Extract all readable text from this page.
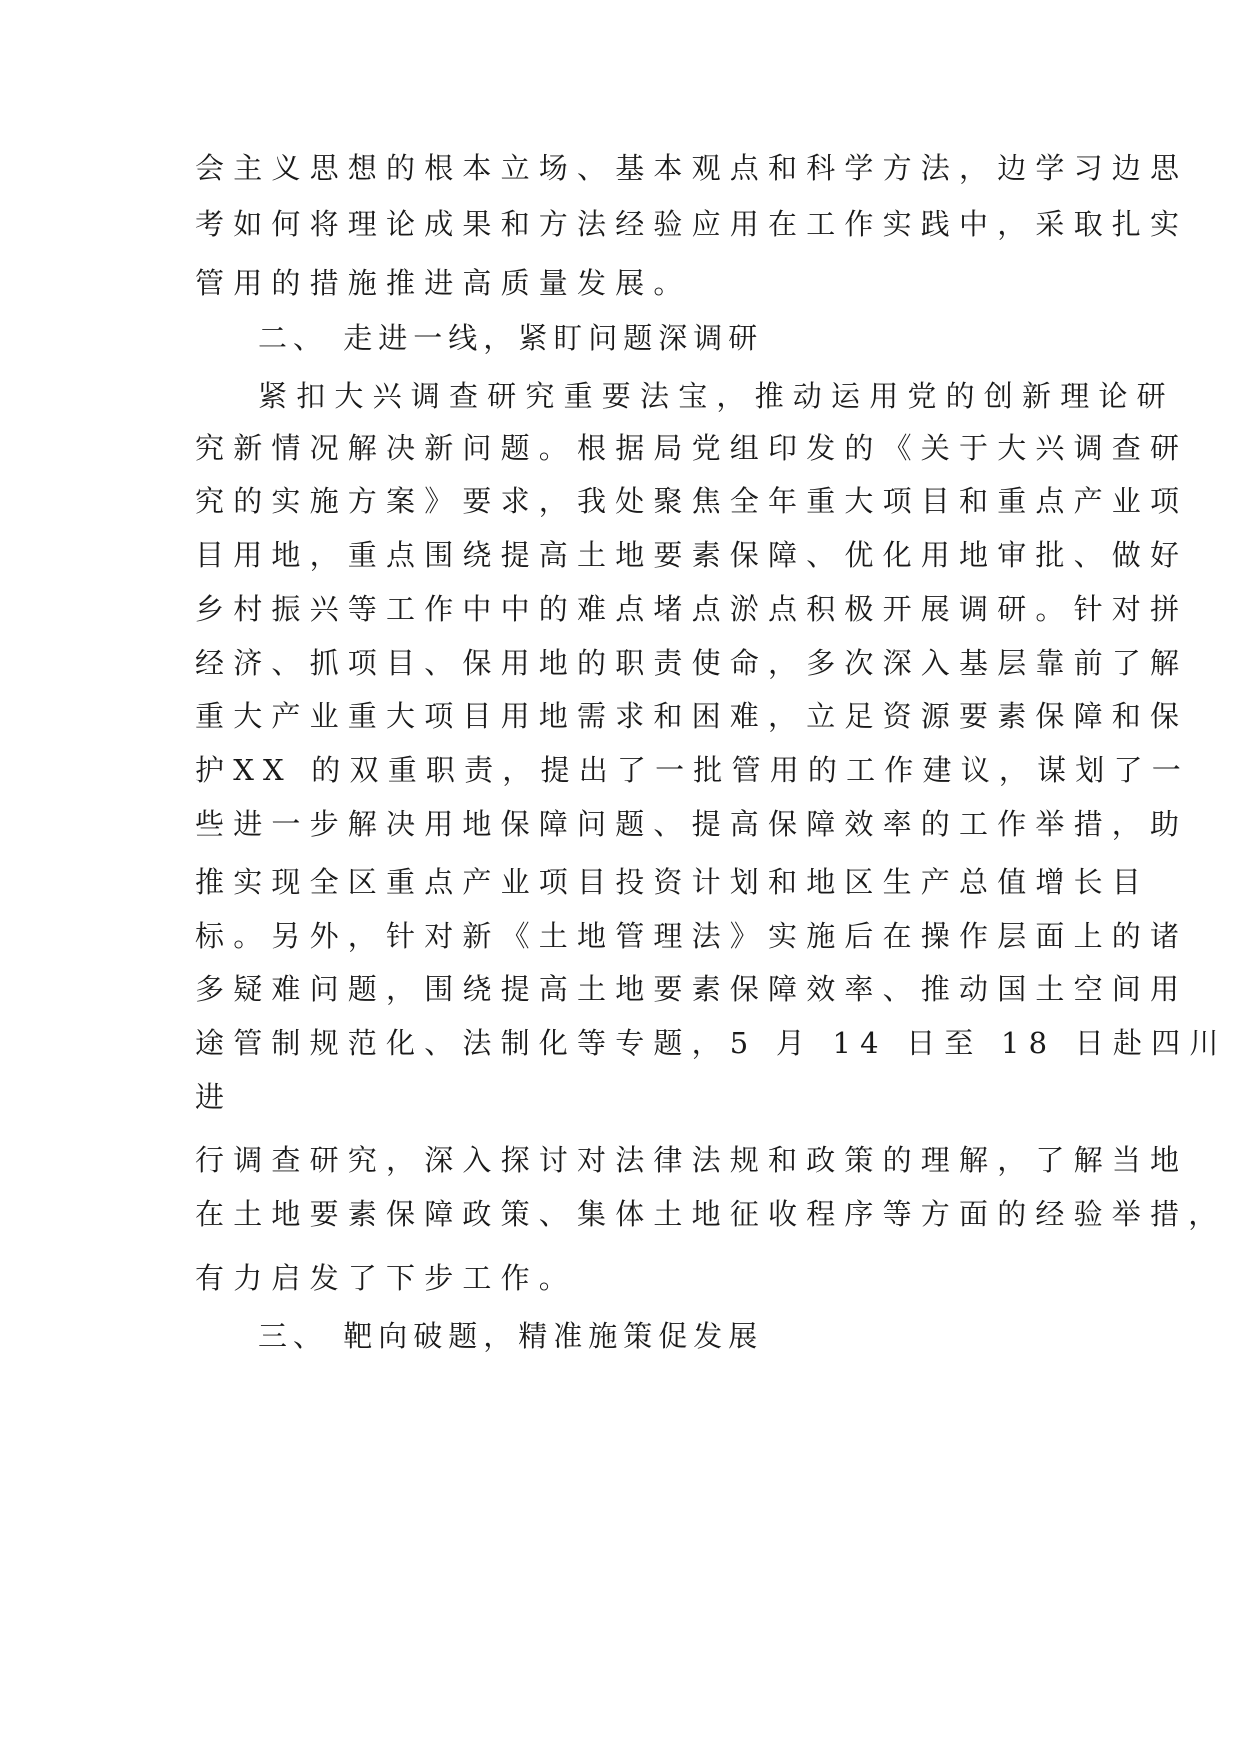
会主义思想的根本立场、基本观点和科学方法，边学习边思
考如何将理论成果和方法经验应用在工作实践中，采取扎实
管用的措施推进高质量发展。
二、 走进一线，紧盯问题深调研
紧扣大兴调查研究重要法宝，推动运用党的创新理论研
究新情况解决新问题。根据局党组印发的《关于大兴调查研
究的实施方案》要求，我处聚焦全年重大项目和重点产业项
目用地，重点围绕提高土地要素保障、优化用地审批、做好
乡村振兴等工作中中的难点堵点淤点积极开展调研。针对拼
经济、抓项目、保用地的职责使命，多次深入基层靠前了解
重大产业重大项目用地需求和困难，立足资源要素保障和保
护XX 的双重职责，提出了一批管用的工作建议，谋划了一
些进一步解决用地保障问题、提高保障效率的工作举措，助
推实现全区重点产业项目投资计划和地区生产总值增长目
标。另外，针对新《土地管理法》实施后在操作层面上的诸
多疑难问题，围绕提高土地要素保障效率、推动国土空间用
途管制规范化、法制化等专题，5 月 14 日至 18 日赴四川
进
行调查研究，深入探讨对法律法规和政策的理解，了解当地
在土地要素保障政策、集体土地征收程序等方面的经验举措，
有力启发了下步工作。
三、 靶向破题，精准施策促发展
